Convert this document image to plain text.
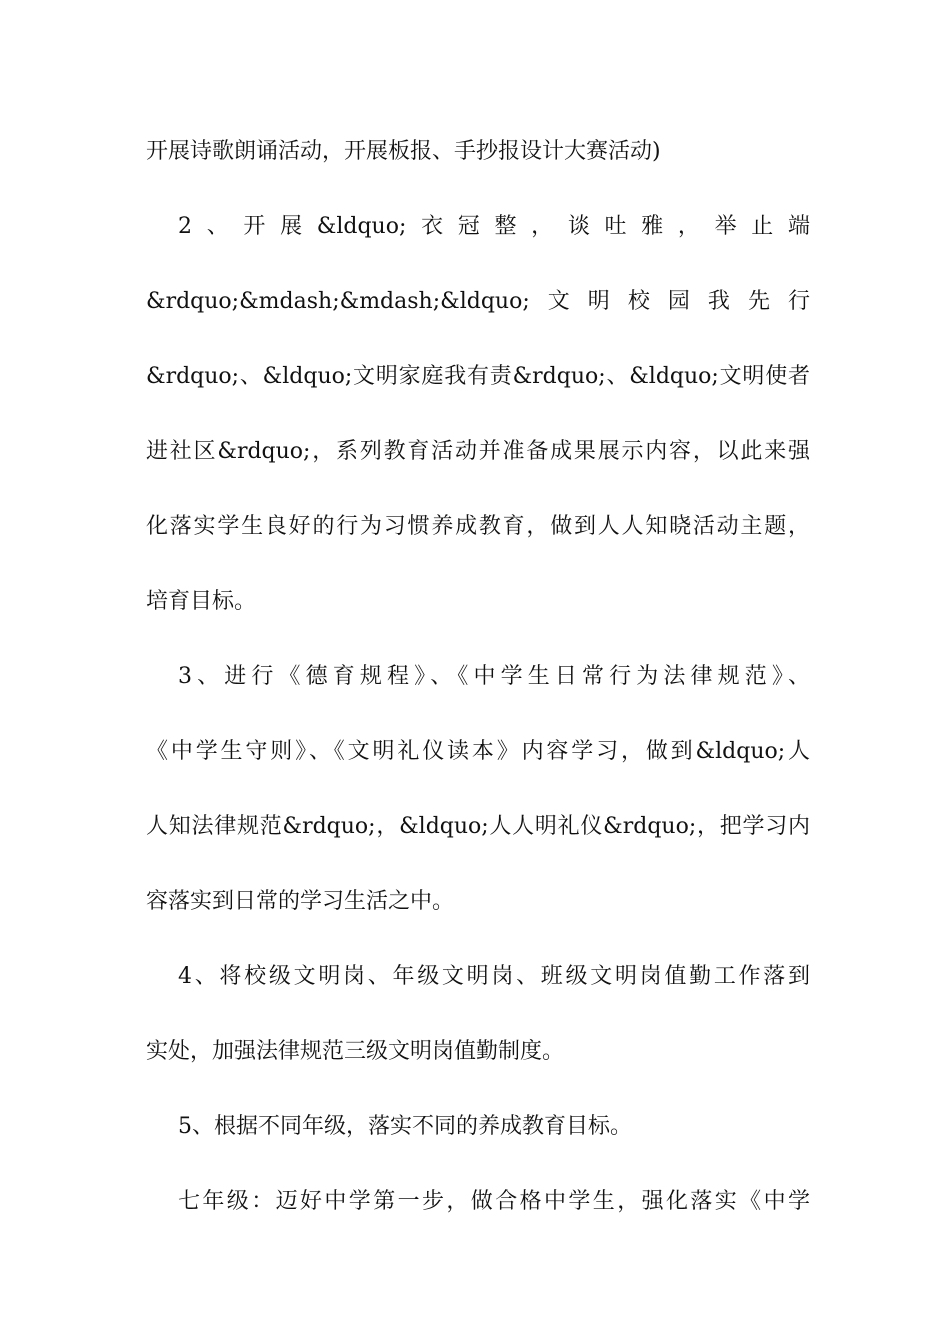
开展诗歌朗诵活动，开展板报、手抄报设计大赛活动)
2、开展&ldquo;衣冠整，谈吐雅，举止端
&rdquo;&mdash;&mdash;&ldquo;文明校园我先行
&rdquo;、&ldquo;文明家庭我有责&rdquo;、&ldquo;文明使者
进社区&rdquo;，系列教育活动并准备成果展示内容，以此来强
化落实学生良好的行为习惯养成教育，做到人人知晓活动主题，
培育目标。
3、进行《德育规程》、《中学生日常行为法律规范》、
《中学生守则》、《文明礼仪读本》内容学习，做到&ldquo;人
人知法律规范&rdquo;，&ldquo;人人明礼仪&rdquo;，把学习内
容落实到日常的学习生活之中。
4、将校级文明岗、年级文明岗、班级文明岗值勤工作落到
实处，加强法律规范三级文明岗值勤制度。
5、根据不同年级，落实不同的养成教育目标。
七年级：迈好中学第一步，做合格中学生，强化落实《中学
